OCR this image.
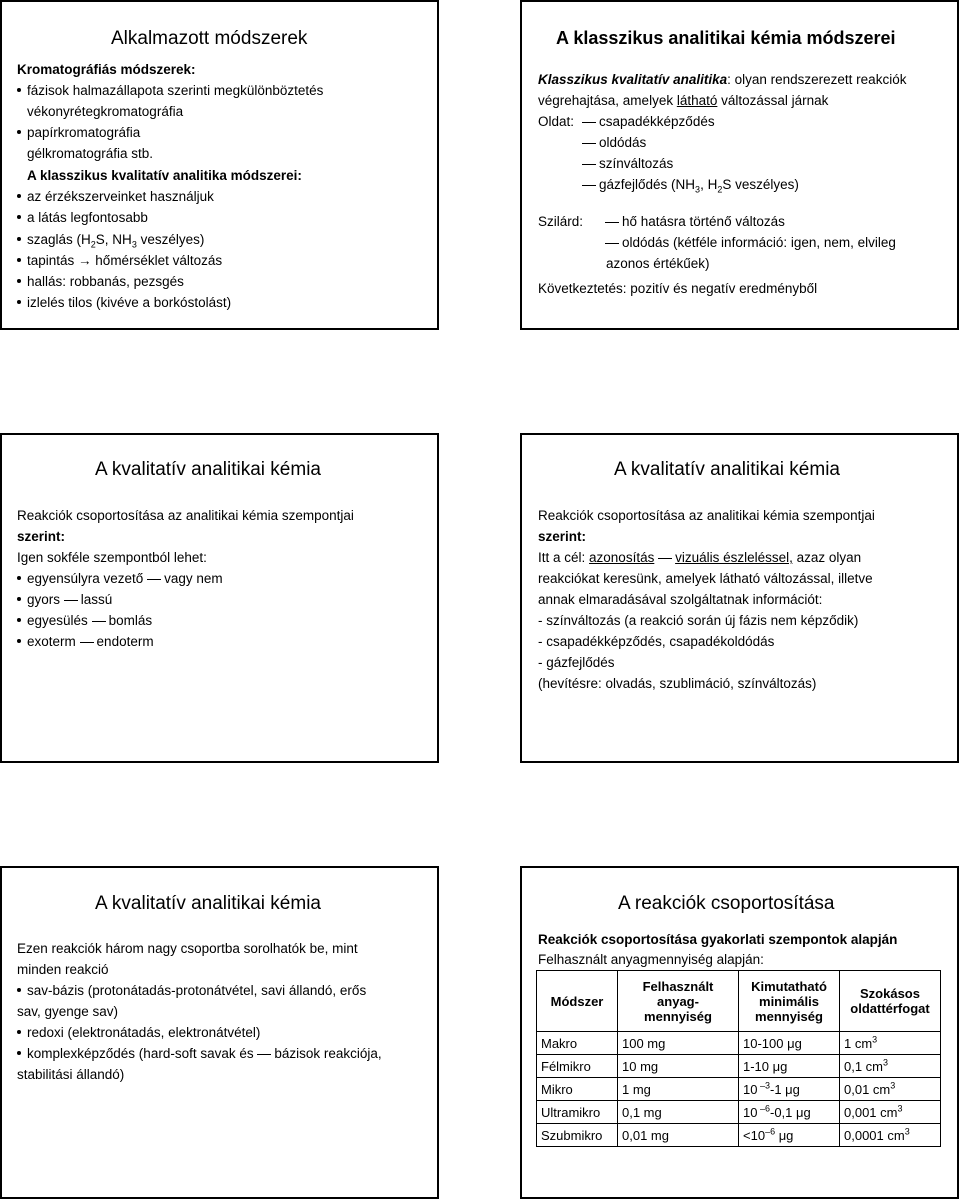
Alkalmazott módszerek
Kromatográfiás módszerek:
fázisok halmazállapota szerinti megkülönböztetés
vékonyrétegkromatográfia
papírkromatográfia
gélkromatográfia stb.
A klasszikus kvalitatív analitika módszerei:
az érzékszerveinket használjuk
a látás legfontosabb
szaglás ($H_2S$, $NH_3$ veszélyes)
tapintás → hőmérséklet változás
hallás: robbanás, pezsgés
izlelés tilos (kivéve a borkóstolást)
A klasszikus analitikai kémia módszerei
Klasszikus kvalitatív analitika: olyan rendszerezett reakciók
végrehajtása, amelyek látható változással járnak
Oldat:	csapadékképződés
oldódás
színváltozás
gázfejlődés ($NH_3$, $H_2S$ veszélyes)
Szilárd:	hő hatásra történő változás
oldódás (kétféle információ: igen, nem, elvileg
azonos értékűek)
Következtetés: pozitív és negatív eredményből
A kvalitatív analitikai kémia
Reakciók csoportosítása az analitikai kémia szempontjai
szerint:
Igen sokféle szempontból lehet:
egyensúlyra vezető vagy nem
gyors lassú
egyesülés bomlás
exoterm endoterm
A kvalitatív analitikai kémia
Reakciók csoportosítása az analitikai kémia szempontjai
szerint:
Itt a cél: azonosítás vizuális észleléssel, azaz olyan
reakciókat keresünk, amelyek látható változással, illetve
annak elmaradásával szolgáltatnak információt:
- színváltozás (a reakció során új fázis nem képződik)
- csapadékképződés, csapadékoldódás
- gázfejlődés
(hevítésre: olvadás, szublimáció, színváltozás)
A kvalitatív analitikai kémia
Ezen reakciók három nagy csoportba sorolhatók be, mint
minden reakció
sav-bázis (protonátadás-protonátvétel, savi állandó, erős
sav, gyenge sav)
redoxi (elektronátadás, elektronátvétel)
komplexképződés (hard-soft savak és bázisok reakciója,
stabilitási állandó)
A reakciók csoportosítása
Reakciók csoportosítása gyakorlati szempontok alapján
Felhasznált anyagmennyiség alapján:
Módszer	Felhasznált
anyag-
mennyiség	Kimutatható
minimális
mennyiség	Szokásos
oldattérfogat
Makro	100 mg	10-100 μg	1 $cm^3$
Félmikro	10 mg	1-10 μg	0,1 $cm^3$
Mikro	1 mg	10 $^{-3}$-1 μg	0,01 $cm^3$
Ultramikro	0,1 mg	10 $^{-6}$-0,1 μg	0,001 $cm^3$
Szubmikro	0,01 mg	$<10^{-6}$ μg	0,0001 $cm^3$
